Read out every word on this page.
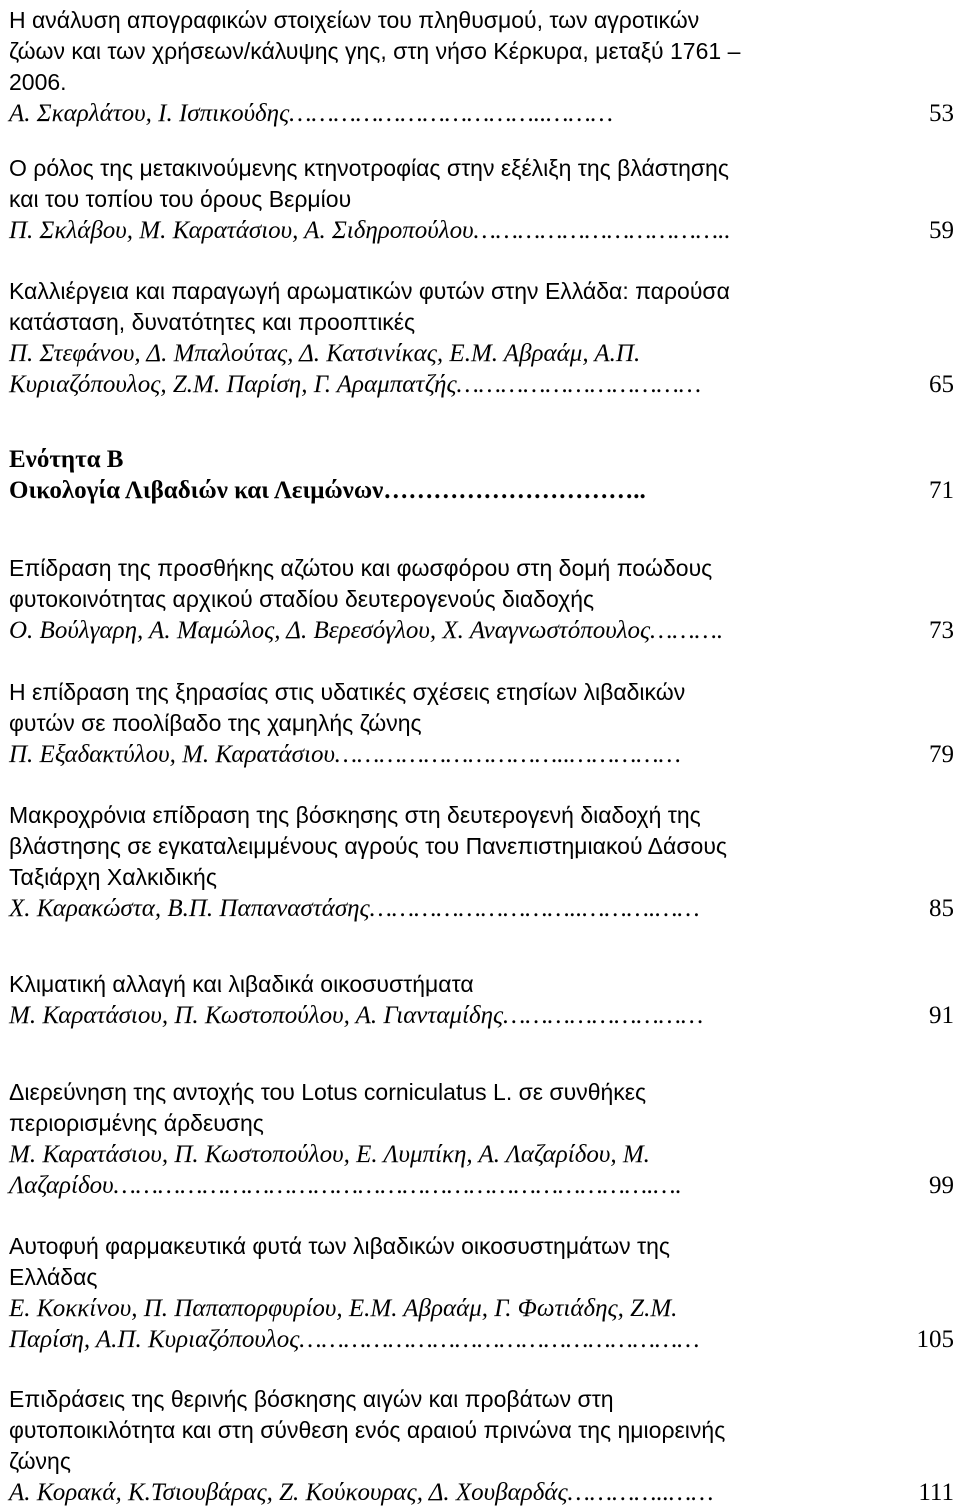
Η ανάλυση απογραφικών στοιχείων του πληθυσμού, των αγροτικών
ζώων και των χρήσεων/κάλυψης γης, στη νήσο Κέρκυρα, μεταξύ 1761 –
2006.
Α. Σκαρλάτου, Ι. Ισπικούδης……………………………..………	53
Ο ρόλος της μετακινούμενης κτηνοτροφίας στην εξέλιξη της βλάστησης
και του τοπίου του όρους Βερμίου
Π. Σκλάβου, Μ. Καρατάσιου, Α. Σιδηροπούλου……………………………..	59
Καλλιέργεια και παραγωγή αρωματικών φυτών στην Ελλάδα: παρούσα
κατάσταση, δυνατότητες και προοπτικές
Π. Στεφάνου, Δ. Μπαλούτας, Δ. Κατσινίκας, Ε.Μ. Αβραάμ, Α.Π.
Κυριαζόπουλος, Ζ.Μ. Παρίση, Γ. Αραμπατζής……………………………	65
Ενότητα Β
Οικολογία Λιβαδιών και Λειμώνων…………………………..	71
Επίδραση της προσθήκης αζώτου και φωσφόρου στη δομή ποώδους
φυτοκοινότητας αρχικού σταδίου δευτερογενούς διαδοχής
Ο. Βούλγαρη, Α. Μαμώλος, Δ. Βερεσόγλου, Χ. Αναγνωστόπουλος……….	73
Η επίδραση της ξηρασίας στις υδατικές σχέσεις ετησίων λιβαδικών
φυτών σε ποολίβαδο της χαμηλής ζώνης
Π. Εξαδακτύλου, Μ. Καρατάσιου…………………………..……………	79
Μακροχρόνια επίδραση της βόσκησης στη δευτερογενή διαδοχή της
βλάστησης σε εγκαταλειμμένους αγρούς του Πανεπιστημιακού Δάσους
Ταξιάρχη Χαλκιδικής
Χ. Καρακώστα, Β.Π. Παπαναστάσης………………………..……….……	85
Κλιματική αλλαγή και λιβαδικά οικοσυστήματα
Μ. Καρατάσιου, Π. Κωστοπούλου, Α. Γιανταμίδης………………………	91
Διερεύνηση της αντοχής του Lotus corniculatus L. σε συνθήκες
περιορισμένης άρδευσης
Μ. Καρατάσιου, Π. Κωστοπούλου, Ε. Λυμπίκη, Α. Λαζαρίδου, Μ.
Λαζαρίδου……………………………………………………………….….	99
Αυτοφυή φαρμακευτικά φυτά των λιβαδικών οικοσυστημάτων της
Ελλάδας
Ε. Κοκκίνου, Π. Παπαπορφυρίου, Ε.Μ. Αβραάμ, Γ. Φωτιάδης, Ζ.Μ.
Παρίση, Α.Π. Κυριαζόπουλος………………………………………………	105
Επιδράσεις της θερινής βόσκησης αιγών και προβάτων στη
φυτοποικιλότητα και στη σύνθεση ενός αραιού πρινώνα της ημιορεινής
ζώνης
Α. Κορακά, Κ.Τσιουβάρας, Ζ. Κούκουρας, Δ. Χουβαρδάς…………..……	111
